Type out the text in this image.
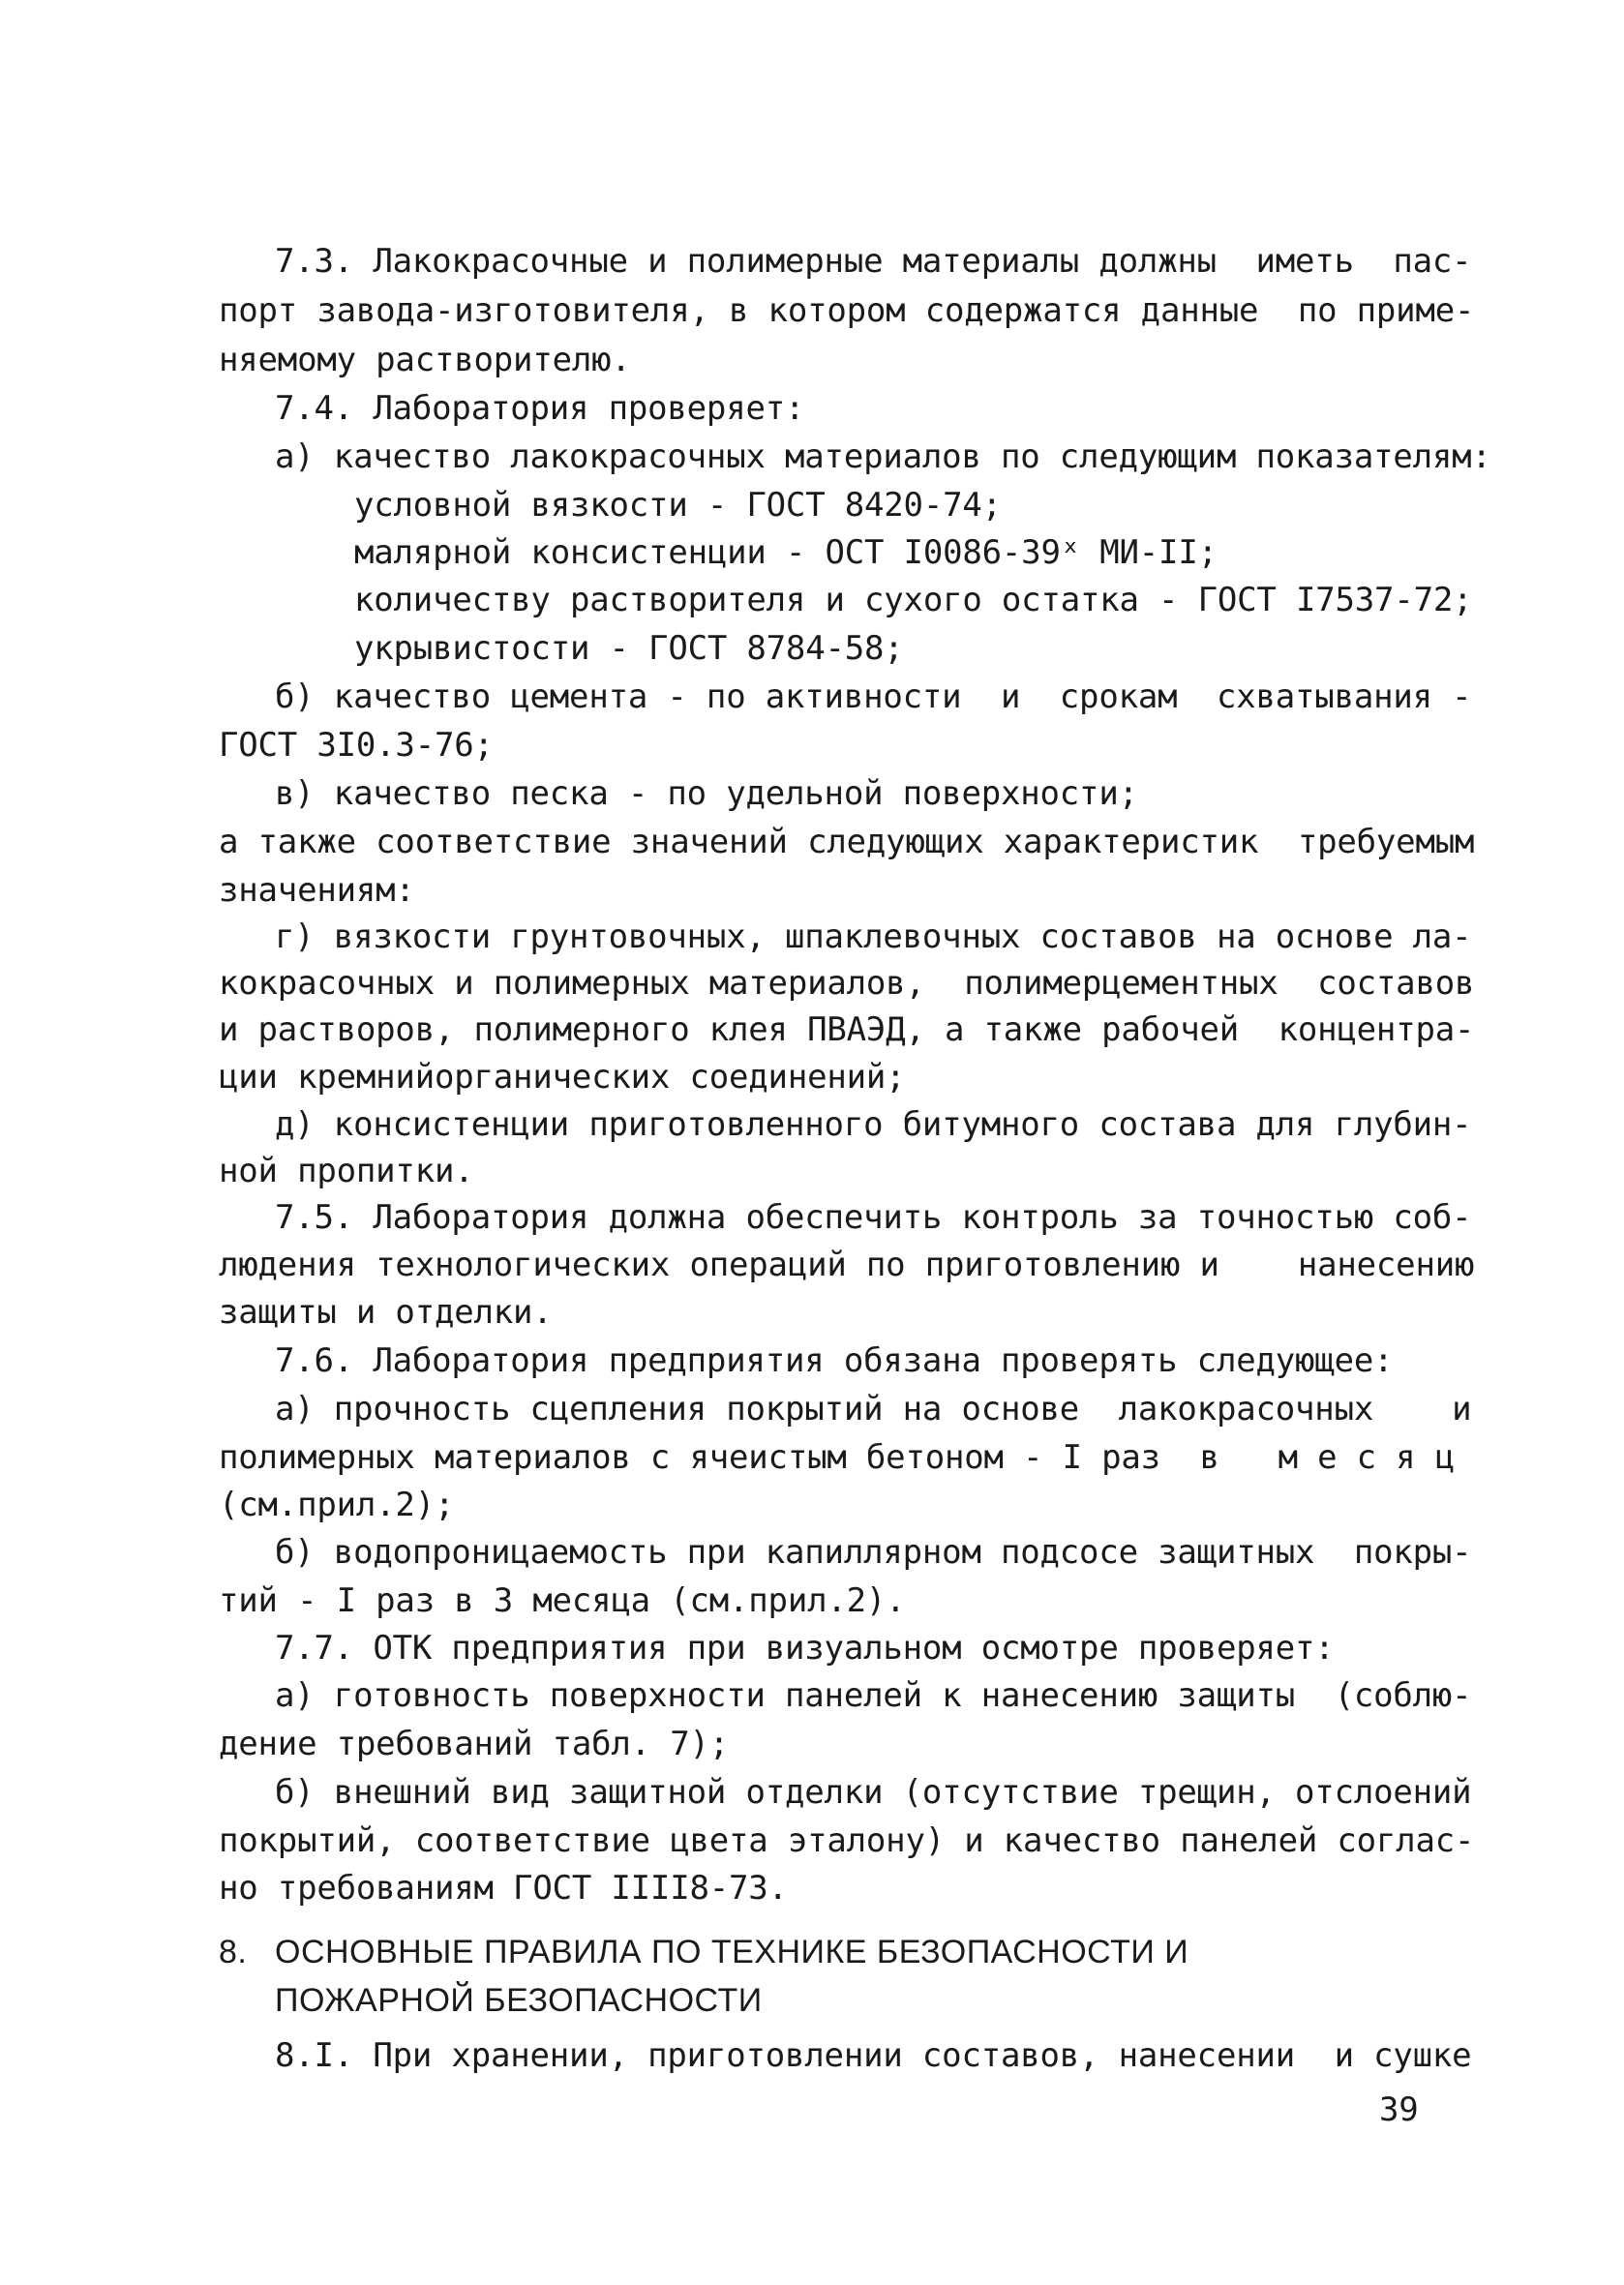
7.3. Лакокрасочные и полимерные материалы должны  иметь  пас-

порт завода-изготовителя, в котором содержатся данные  по приме-

няемому растворителю.

7.4. Лаборатория проверяет:

а) качество лакокрасочных материалов по следующим показателям:

условной вязкости - ГОСТ 8420-74;

малярной консистенции - ОСТ I0086-39ˣ МИ-II;

количеству растворителя и сухого остатка - ГОСТ I7537-72;

укрывистости - ГОСТ 8784-58;

б) качество цемента - по активности  и  срокам  схватывания -

ГОСТ 3I0.3-76;

в) качество песка - по удельной поверхности;

а также соответствие значений следующих характеристик  требуемым

значениям:

г) вязкости грунтовочных, шпаклевочных составов на основе ла-

кокрасочных и полимерных материалов,  полимерцементных  составов

и растворов, полимерного клея ПВАЭД, а также рабочей  концентра-

ции кремнийорганических соединений;

д) консистенции приготовленного битумного состава для глубин-

ной пропитки.

7.5. Лаборатория должна обеспечить контроль за точностью соб-

людения технологических операций по приготовлению и    нанесению

защиты и отделки.

7.6. Лаборатория предприятия обязана проверять следующее:

а) прочность сцепления покрытий на основе  лакокрасочных    и

полимерных материалов с ячеистым бетоном - I раз  в   м е с я ц

(см.прил.2);

б) водопроницаемость при капиллярном подсосе защитных  покры-

тий - I раз в 3 месяца (см.прил.2).

7.7. ОТК предприятия при визуальном осмотре проверяет:

а) готовность поверхности панелей к нанесению защиты  (соблю-

дение требований табл. 7);

б) внешний вид защитной отделки (отсутствие трещин, отслоений

покрытий, соответствие цвета эталону) и качество панелей соглас-

но требованиям ГОСТ IIII8-73.

8. ОСНОВНЫЕ ПРАВИЛА ПО ТЕХНИКЕ БЕЗОПАСНОСТИ И

ПОЖАРНОЙ БЕЗОПАСНОСТИ

8.I. При хранении, приготовлении составов, нанесении  и сушке

39
